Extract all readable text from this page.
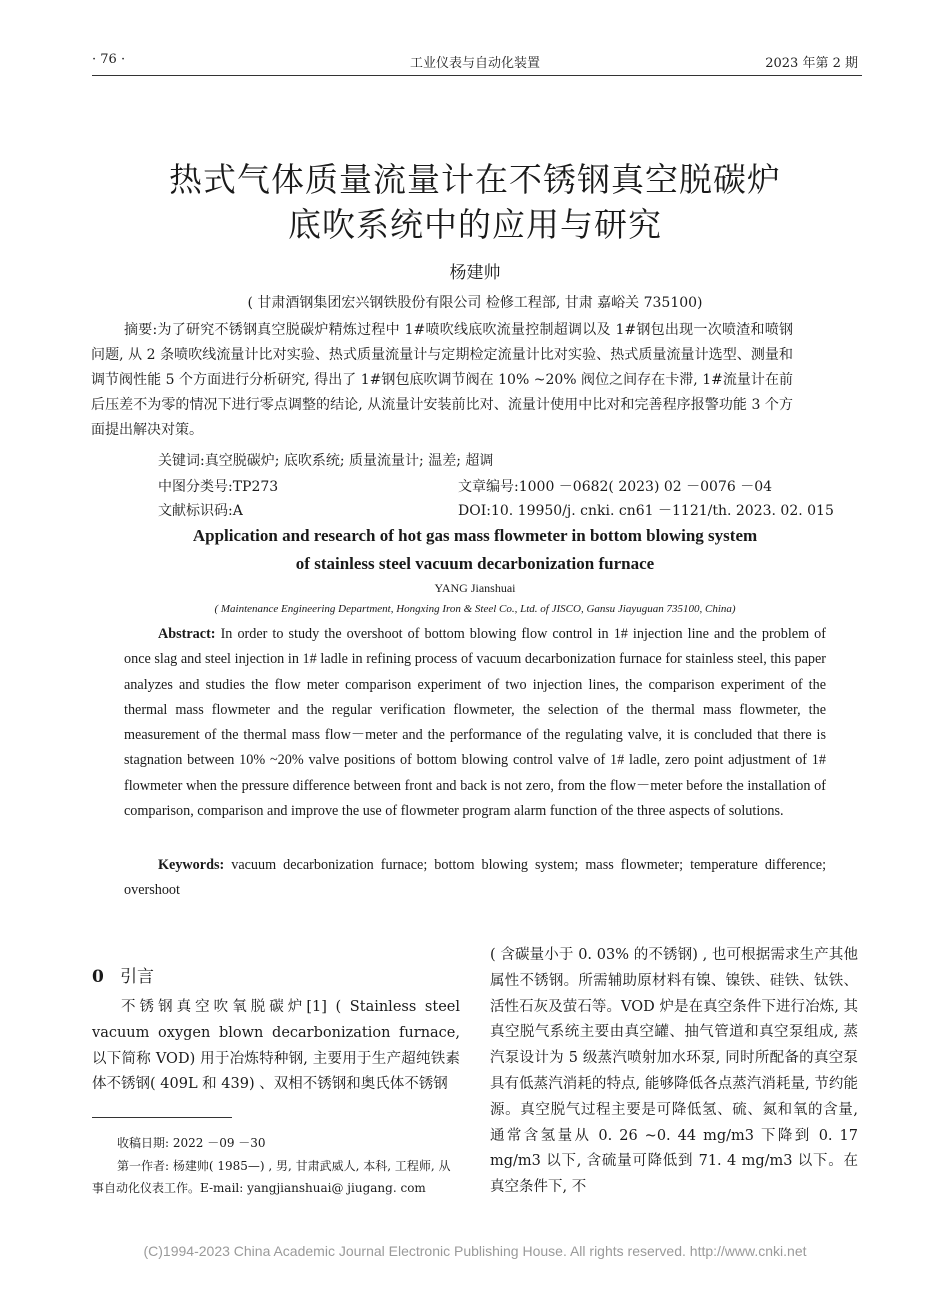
· 76 ·	工业仪表与自动化装置	2023 年第 2 期
热式气体质量流量计在不锈钢真空脱碳炉
底吹系统中的应用与研究
杨建帅
( 甘肃酒钢集团宏兴钢铁股份有限公司 检修工程部, 甘肃 嘉峪关 735100)
摘要:为了研究不锈钢真空脱碳炉精炼过程中 1#喷吹线底吹流量控制超调以及 1#钢包出现一次喷渣和喷钢问题, 从 2 条喷吹线流量计比对实验、热式质量流量计与定期检定流量计比对实验、热式质量流量计选型、测量和调节阀性能 5 个方面进行分析研究, 得出了 1#钢包底吹调节阀在 10% ~20% 阀位之间存在卡滞, 1#流量计在前后压差不为零的情况下进行零点调整的结论, 从流量计安装前比对、流量计使用中比对和完善程序报警功能 3 个方面提出解决对策。
关键词:真空脱碳炉; 底吹系统; 质量流量计; 温差; 超调
中图分类号:TP273	文章编号:1000 －0682( 2023) 02 －0076 －04
文献标识码:A	DOI:10. 19950/j. cnki. cn61 －1121/th. 2023. 02. 015
Application and research of hot gas mass flowmeter in bottom blowing system
of stainless steel vacuum decarbonization furnace
YANG Jianshuai
( Maintenance Engineering Department, Hongxing Iron & Steel Co., Ltd. of JISCO, Gansu Jiayuguan 735100, China)
Abstract: In order to study the overshoot of bottom blowing flow control in 1# injection line and the problem of once slag and steel injection in 1# ladle in refining process of vacuum decarbonization furnace for stainless steel, this paper analyzes and studies the flow meter comparison experiment of two injection lines, the comparison experiment of the thermal mass flowmeter and the regular verification flowmeter, the selection of the thermal mass flowmeter, the measurement of the thermal mass flow－meter and the performance of the regulating valve, it is concluded that there is stagnation between 10% ~20% valve positions of bottom blowing control valve of 1# ladle, zero point adjustment of 1# flowmeter when the pressure difference between front and back is not zero, from the flow－meter before the installation of comparison, comparison and improve the use of flowmeter program alarm function of the three aspects of solutions.
Keywords: vacuum decarbonization furnace; bottom blowing system; mass flowmeter; temperature difference; overshoot
0 引言
不锈钢真空吹氧脱碳炉[1] ( Stainless steel vacuum oxygen blown decarbonization furnace, 以下简称 VOD) 用于冶炼特种钢, 主要用于生产超纯铁素体不锈钢( 409L 和 439) 、双相不锈钢和奥氏体不锈钢
( 含碳量小于 0. 03% 的不锈钢) , 也可根据需求生产其他属性不锈钢。所需辅助原材料有镍、镍铁、硅铁、钛铁、活性石灰及萤石等。VOD 炉是在真空条件下进行冶炼, 其真空脱气系统主要由真空罐、抽气管道和真空泵组成, 蒸汽泵设计为 5 级蒸汽喷射加水环泵, 同时所配备的真空泵具有低蒸汽消耗的特点, 能够降低各点蒸汽消耗量, 节约能源。真空脱气过程主要是可降低氢、硫、氮和氧的含量, 通常含氢量从 0. 26 ~0. 44 mg/m3 下降到 0. 17 mg/m3 以下, 含硫量可降低到 71. 4 mg/m3 以下。在真空条件下, 不
收稿日期: 2022 －09 －30
第一作者: 杨建帅( 1985—) , 男, 甘肃武威人, 本科, 工程师, 从事自动化仪表工作。E-mail: yangjianshuai@ jiugang. com
(C)1994-2023 China Academic Journal Electronic Publishing House. All rights reserved. http://www.cnki.net
